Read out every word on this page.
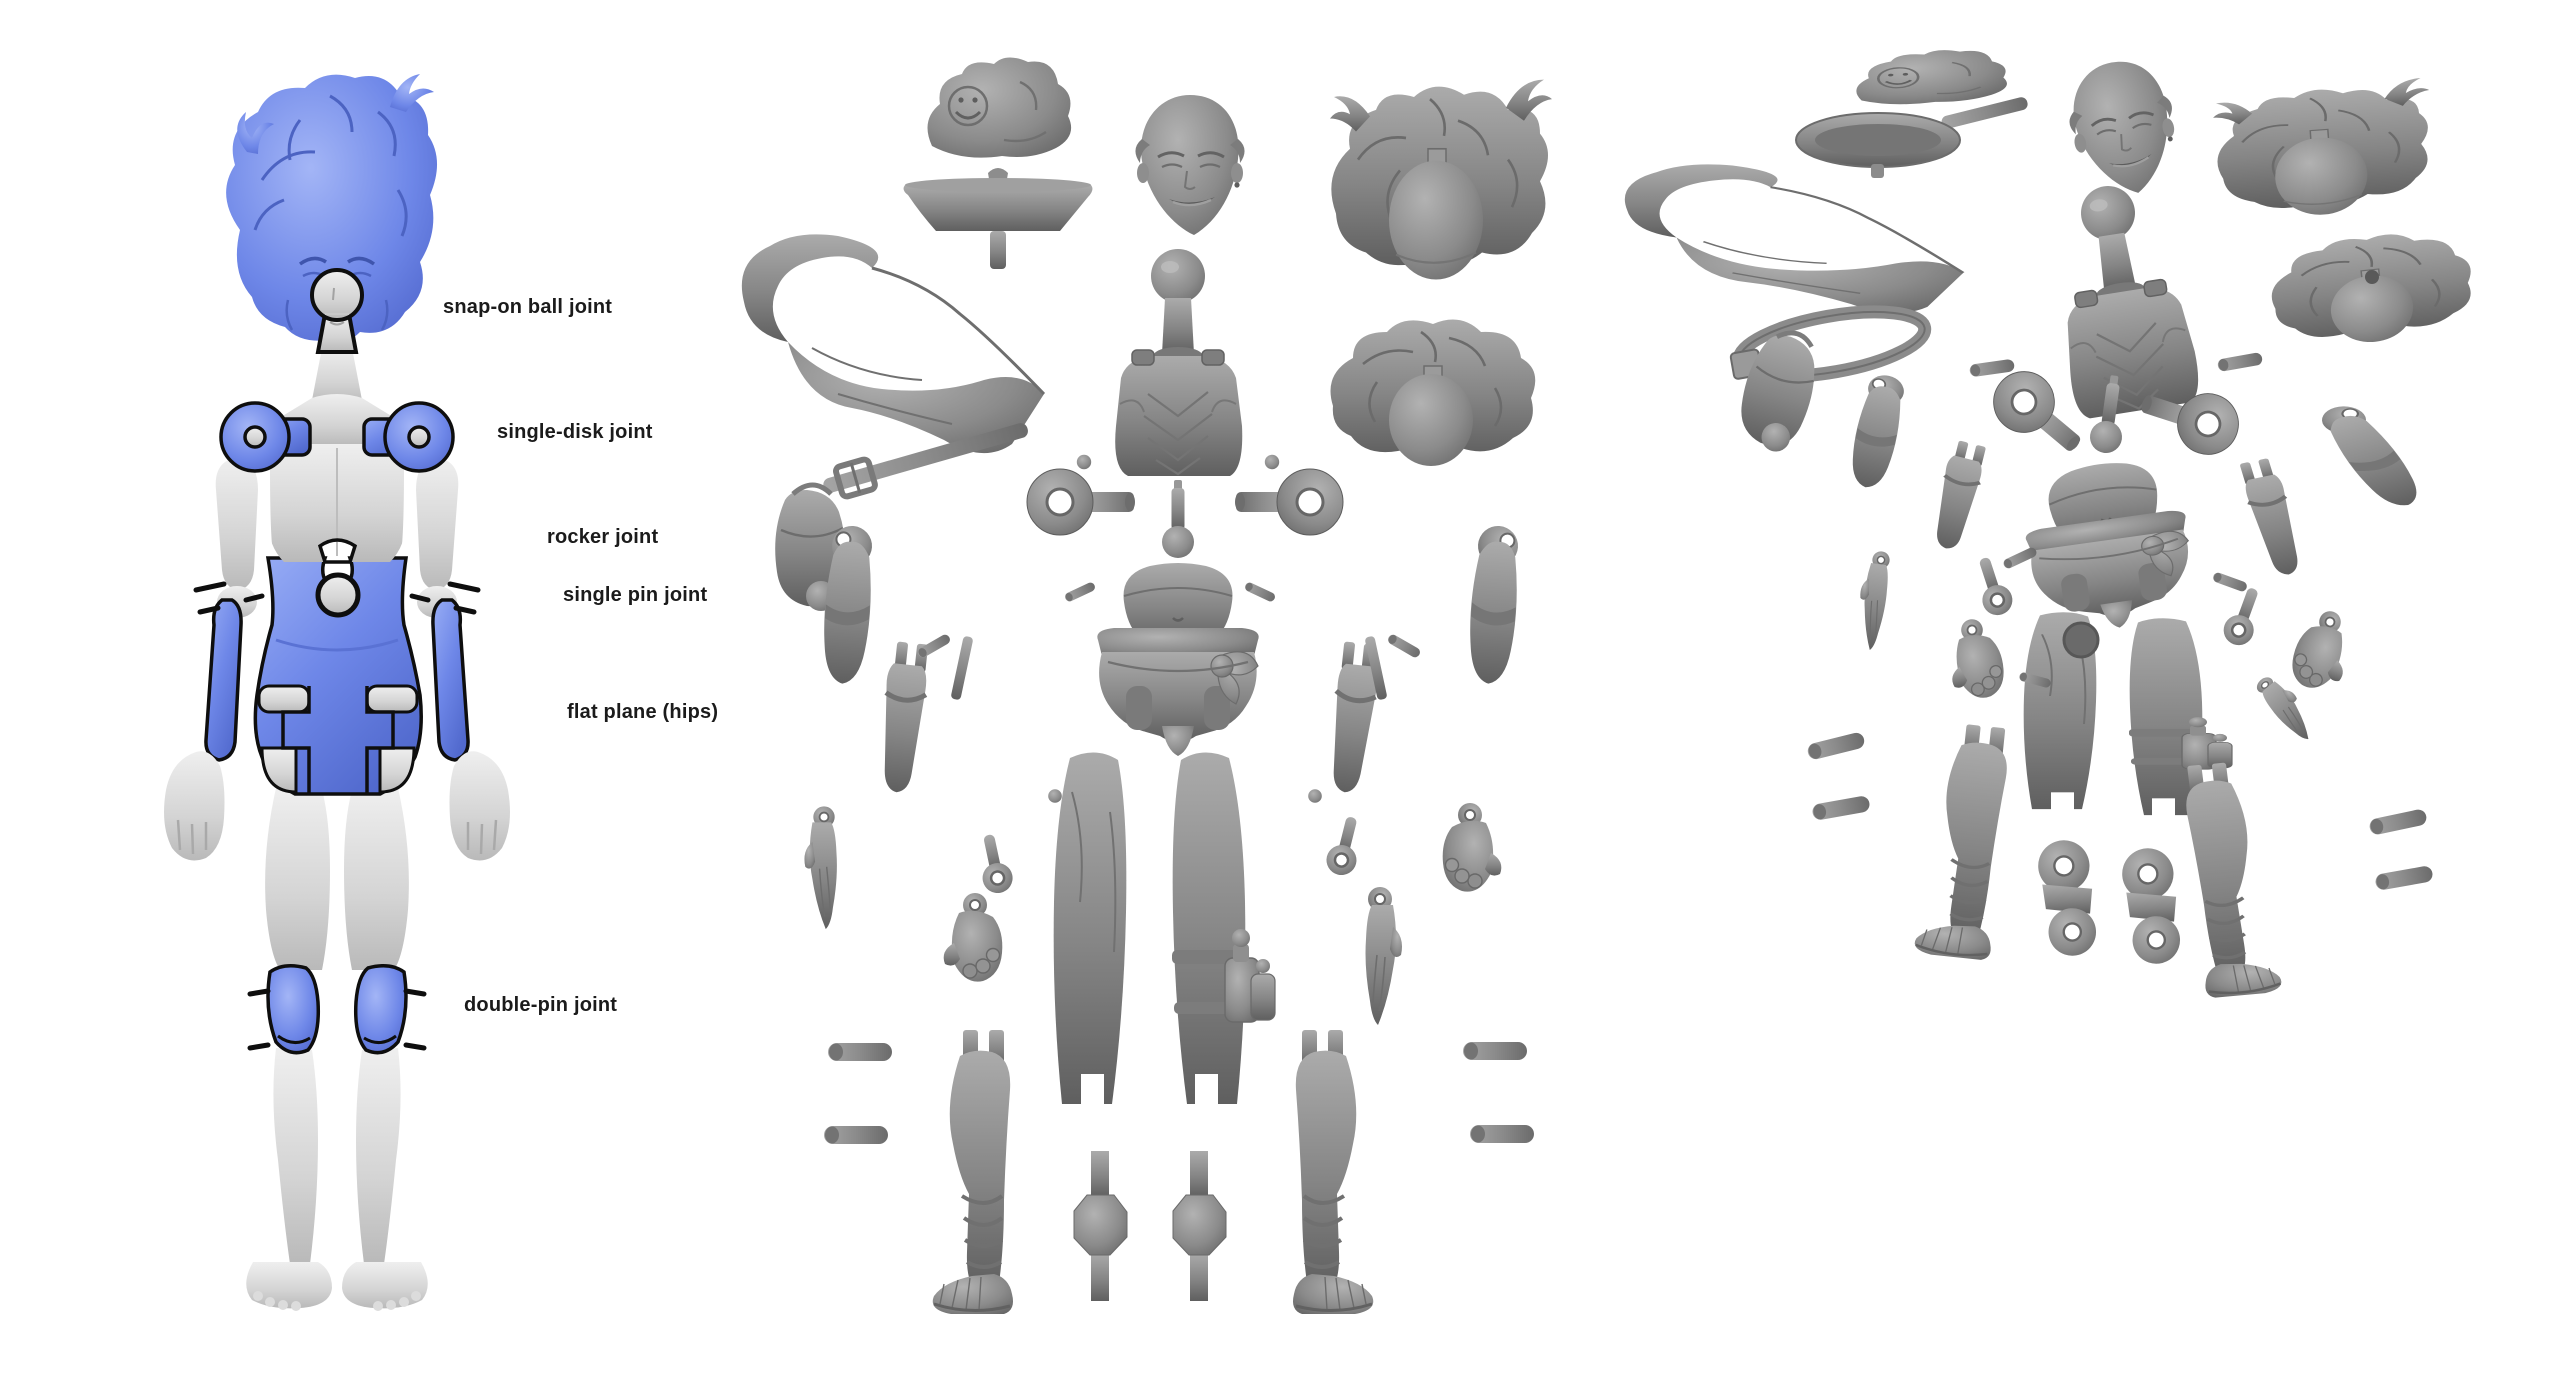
snap-on ball joint
single-disk joint
rocker joint
single pin joint
flat plane (hips)
double-pin joint
